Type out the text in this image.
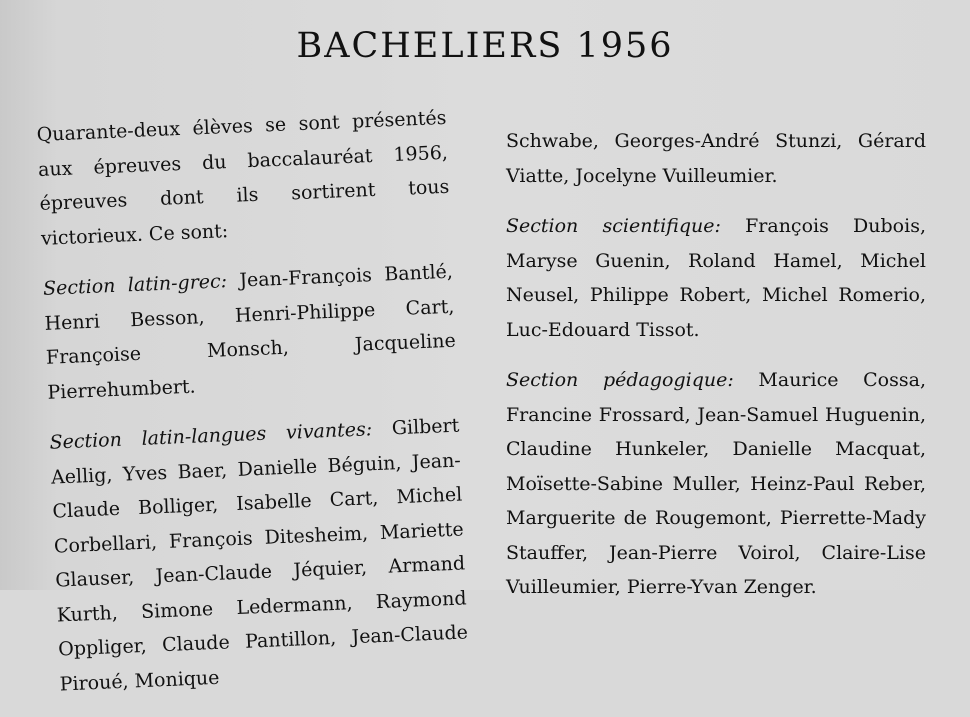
BACHELIERS 1956

Quarante-deux élèves se sont présentés aux épreuves du baccalauréat 1956, épreuves dont ils sortirent tous victorieux. Ce sont:

Section latin-grec: Jean-François Bantlé, Henri Besson, Henri-Philippe Cart, Françoise Monsch, Jacqueline Pierrehumbert.

Section latin-langues vivantes: Gilbert Aellig, Yves Baer, Danielle Béguin, Jean-Claude Bolliger, Isabelle Cart, Michel Corbellari, François Ditesheim, Mariette Glauser, Jean-Claude Jéquier, Armand Kurth, Simone Ledermann, Raymond Oppliger, Claude Pantillon, Jean-Claude Piroué, Monique

Schwabe, Georges-André Stunzi, Gérard Viatte, Jocelyne Vuilleumier.

Section scientifique: François Dubois, Maryse Guenin, Roland Hamel, Michel Neusel, Philippe Robert, Michel Romerio, Luc-Edouard Tissot.

Section pédagogique: Maurice Cossa, Francine Frossard, Jean-Samuel Huguenin, Claudine Hunkeler, Danielle Macquat, Moïsette-Sabine Muller, Heinz-Paul Reber, Marguerite de Rougemont, Pierrette-Mady Stauffer, Jean-Pierre Voirol, Claire-Lise Vuilleumier, Pierre-Yvan Zenger.
